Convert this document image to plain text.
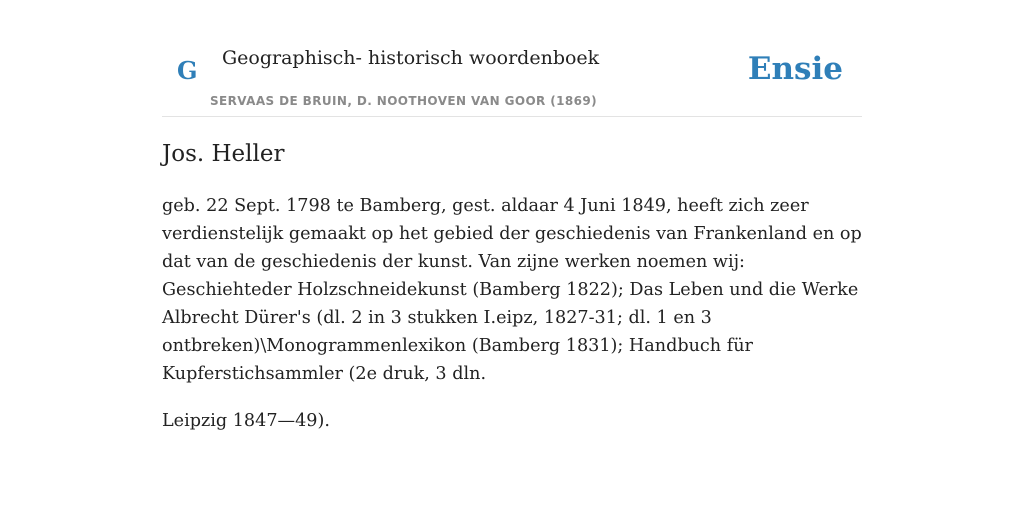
G Geographisch- historisch woordenboek
SERVAAS DE BRUIN, D. NOOTHOVEN VAN GOOR (1869)
Ensie
Jos. Heller

geb. 22 Sept. 1798 te Bamberg, gest. aldaar 4 Juni 1849, heeft zich zeer verdienstelijk gemaakt op het gebied der geschiedenis van Frankenland en op dat van de geschiedenis der kunst. Van zijne werken noemen wij: Geschiehteder Holzschneidekunst (Bamberg 1822); Das Leben und die Werke Albrecht Dürer's (dl. 2 in 3 stukken I.eipz, 1827-31; dl. 1 en 3 ontbreken)\Monogrammenlexikon (Bamberg 1831); Handbuch für Kupferstichsammler (2e druk, 3 dln.

Leipzig 1847—49).
